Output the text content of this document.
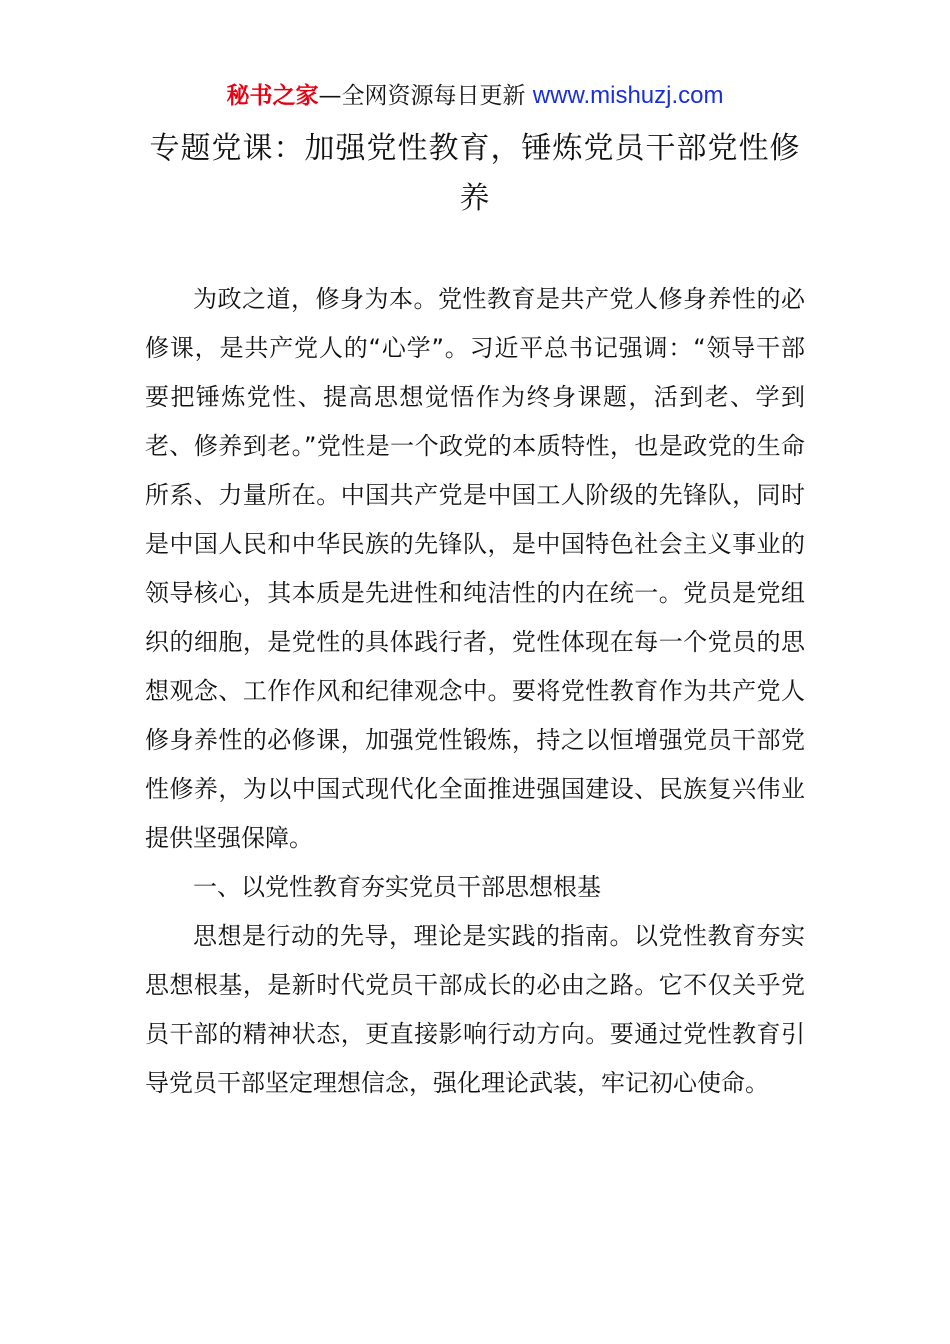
秘书之家—全网资源每日更新 www.mishuzj.com
专题党课：加强党性教育，锤炼党员干部党性修养

为政之道，修身为本。党性教育是共产党人修身养性的必修课，是共产党人的“心学”。习近平总书记强调：“领导干部要把锤炼党性、提高思想觉悟作为终身课题，活到老、学到老、修养到老。”党性是一个政党的本质特性，也是政党的生命所系、力量所在。中国共产党是中国工人阶级的先锋队，同时是中国人民和中华民族的先锋队，是中国特色社会主义事业的领导核心，其本质是先进性和纯洁性的内在统一。党员是党组织的细胞，是党性的具体践行者，党性体现在每一个党员的思想观念、工作作风和纪律观念中。要将党性教育作为共产党人修身养性的必修课，加强党性锻炼，持之以恒增强党员干部党性修养，为以中国式现代化全面推进强国建设、民族复兴伟业提供坚强保障。

一、以党性教育夯实党员干部思想根基

思想是行动的先导，理论是实践的指南。以党性教育夯实思想根基，是新时代党员干部成长的必由之路。它不仅关乎党员干部的精神状态，更直接影响行动方向。要通过党性教育引导党员干部坚定理想信念，强化理论武装，牢记初心使命。
